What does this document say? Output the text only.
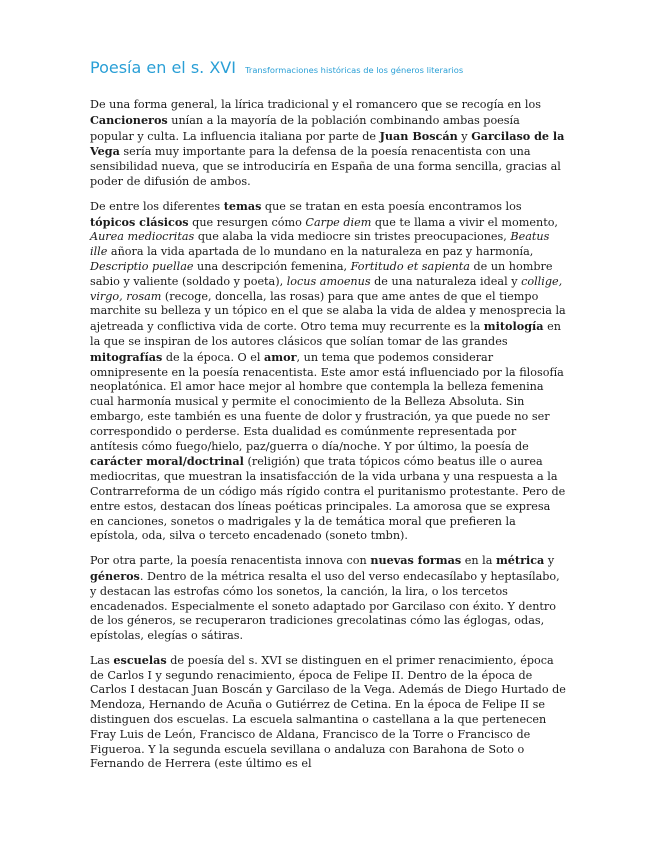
Poesía en el s. XVI Transformaciones históricas de los géneros literarios

De una forma general, la lírica tradicional y el romancero que se recogía en los Cancioneros unían a la mayoría de la población combinando ambas poesía popular y culta. La influencia italiana por parte de Juan Boscán y Garcilaso de la Vega sería muy importante para la defensa de la poesía renacentista con una sensibilidad nueva, que se introduciría en España de una forma sencilla, gracias al poder de difusión de ambos.

De entre los diferentes temas que se tratan en esta poesía encontramos los tópicos clásicos que resurgen cómo Carpe diem que te llama a vivir el momento, Aurea mediocritas que alaba la vida mediocre sin tristes preocupaciones, Beatus ille añora la vida apartada de lo mundano en la naturaleza en paz y harmonía, Descriptio puellae una descripción femenina, Fortitudo et sapienta de un hombre sabio y valiente (soldado y poeta), locus amoenus de una naturaleza ideal y collige, virgo, rosam (recoge, doncella, las rosas) para que ame antes de que el tiempo marchite su belleza y un tópico en el que se alaba la vida de aldea y menosprecia la ajetreada y conflictiva vida de corte. Otro tema muy recurrente es la mitología en la que se inspiran de los autores clásicos que solían tomar de las grandes mitografías de la época. O el amor, un tema que podemos considerar omnipresente en la poesía renacentista. Este amor está influenciado por la filosofía neoplatónica. El amor hace mejor al hombre que contempla la belleza femenina cual harmonía musical y permite el conocimiento de la Belleza Absoluta. Sin embargo, este también es una fuente de dolor y frustración, ya que puede no ser correspondido o perderse. Esta dualidad es comúnmente representada por antítesis cómo fuego/hielo, paz/guerra o día/noche. Y por último, la poesía de carácter moral/doctrinal (religión) que trata tópicos cómo beatus ille o aurea mediocritas, que muestran la insatisfacción de la vida urbana y una respuesta a la Contrarreforma de un código más rígido contra el puritanismo protestante. Pero de entre estos, destacan dos líneas poéticas principales. La amorosa que se expresa en canciones, sonetos o madrigales y la de temática moral que prefieren la epístola, oda, silva o terceto encadenado (soneto tmbn).

Por otra parte, la poesía renacentista innova con nuevas formas en la métrica y géneros. Dentro de la métrica resalta el uso del verso endecasílabo y heptasílabo, y destacan las estrofas cómo los sonetos, la canción, la lira, o los tercetos encadenados. Especialmente el soneto adaptado por Garcilaso con éxito. Y dentro de los géneros, se recuperaron tradiciones grecolatinas cómo las églogas, odas, epístolas, elegías o sátiras.

Las escuelas de poesía del s. XVI se distinguen en el primer renacimiento, época de Carlos I y segundo renacimiento, época de Felipe II. Dentro de la época de Carlos I destacan Juan Boscán y Garcilaso de la Vega. Además de Diego Hurtado de Mendoza, Hernando de Acuña o Gutiérrez de Cetina. En la época de Felipe II se distinguen dos escuelas. La escuela salmantina o castellana a la que pertenecen Fray Luis de León, Francisco de Aldana, Francisco de la Torre o Francisco de Figueroa. Y la segunda escuela sevillana o andaluza con Barahona de Soto o Fernando de Herrera (este último es el
